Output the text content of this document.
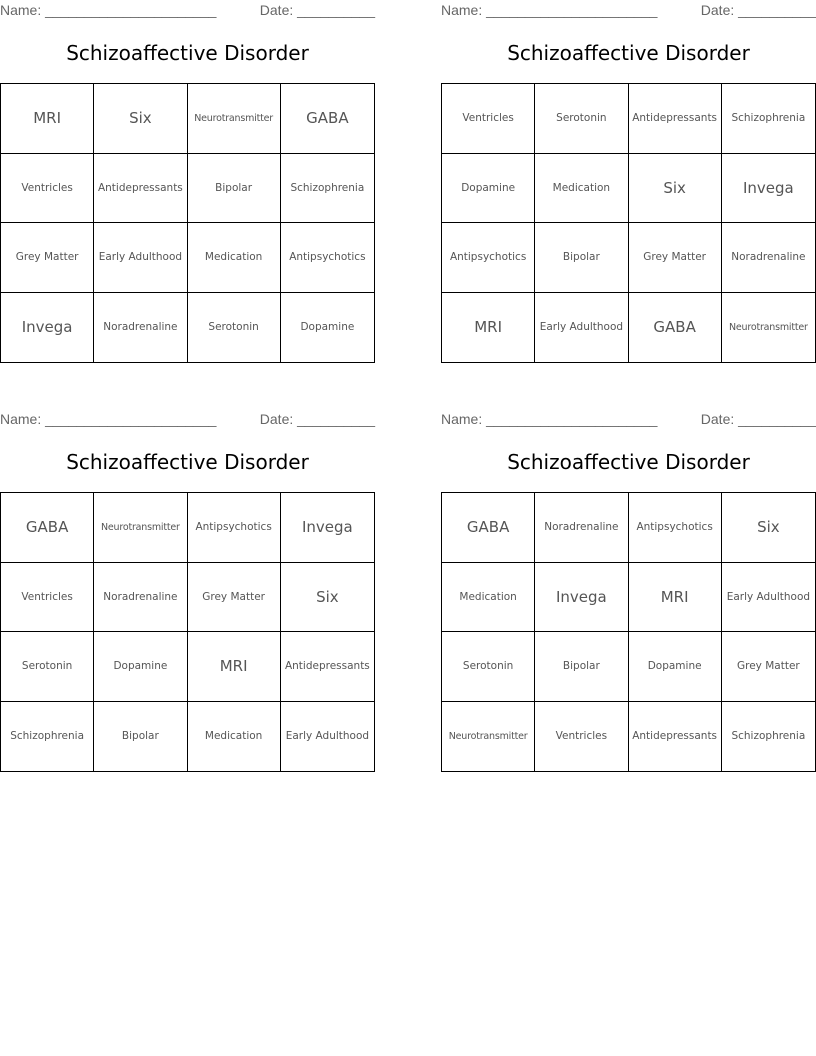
Name: ______________________	Date: __________
Schizoaffective Disorder
MRI	Six	Neurotransmitter	GABA
Ventricles	Antidepressants	Bipolar	Schizophrenia
Grey Matter	Early Adulthood	Medication	Antipsychotics
Invega	Noradrenaline	Serotonin	Dopamine
Name: ______________________	Date: __________
Schizoaffective Disorder
Ventricles	Serotonin	Antidepressants	Schizophrenia
Dopamine	Medication	Six	Invega
Antipsychotics	Bipolar	Grey Matter	Noradrenaline
MRI	Early Adulthood	GABA	Neurotransmitter
Name: ______________________	Date: __________
Schizoaffective Disorder
GABA	Neurotransmitter	Antipsychotics	Invega
Ventricles	Noradrenaline	Grey Matter	Six
Serotonin	Dopamine	MRI	Antidepressants
Schizophrenia	Bipolar	Medication	Early Adulthood
Name: ______________________	Date: __________
Schizoaffective Disorder
GABA	Noradrenaline	Antipsychotics	Six
Medication	Invega	MRI	Early Adulthood
Serotonin	Bipolar	Dopamine	Grey Matter
Neurotransmitter	Ventricles	Antidepressants	Schizophrenia
